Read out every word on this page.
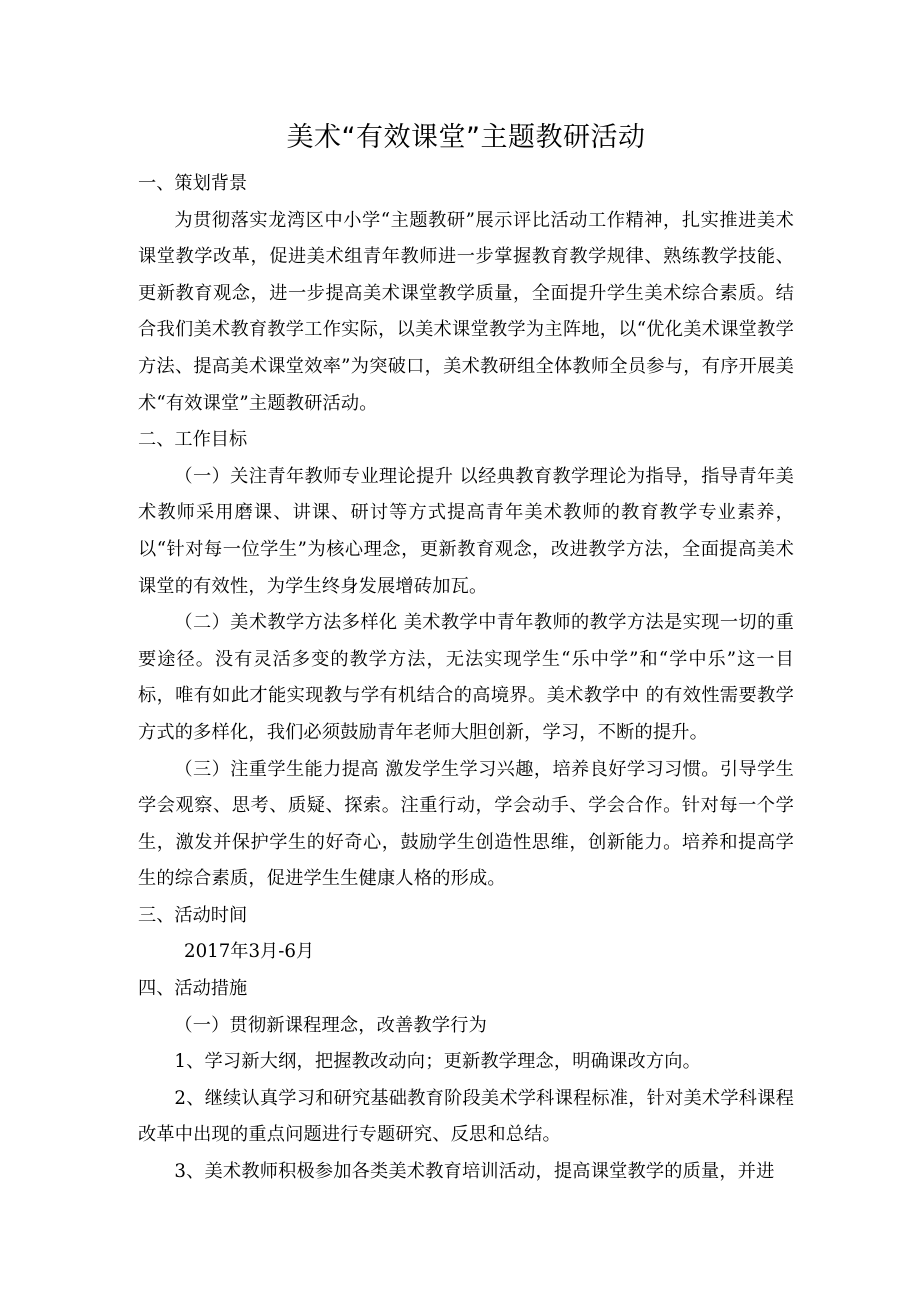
美术“有效课堂”主题教研活动

一、策划背景

为贯彻落实龙湾区中小学“主题教研”展示评比活动工作精神，扎实推进美术课堂教学改革，促进美术组青年教师进一步掌握教育教学规律、熟练教学技能、更新教育观念，进一步提高美术课堂教学质量，全面提升学生美术综合素质。结合我们美术教育教学工作实际，以美术课堂教学为主阵地，以“优化美术课堂教学方法、提高美术课堂效率”为突破口，美术教研组全体教师全员参与，有序开展美术“有效课堂”主题教研活动。

二、工作目标

（一）关注青年教师专业理论提升 以经典教育教学理论为指导，指导青年美术教师采用磨课、讲课、研讨等方式提高青年美术教师的教育教学专业素养，以“针对每一位学生”为核心理念，更新教育观念，改进教学方法，全面提高美术课堂的有效性，为学生终身发展增砖加瓦。

（二）美术教学方法多样化 美术教学中青年教师的教学方法是实现一切的重要途径。没有灵活多变的教学方法，无法实现学生“乐中学”和“学中乐”这一目标，唯有如此才能实现教与学有机结合的高境界。美术教学中 的有效性需要教学方式的多样化，我们必须鼓励青年老师大胆创新，学习，不断的提升。

（三）注重学生能力提高 激发学生学习兴趣，培养良好学习习惯。引导学生学会观察、思考、质疑、探索。注重行动，学会动手、学会合作。针对每一个学生，激发并保护学生的好奇心，鼓励学生创造性思维，创新能力。培养和提高学生的综合素质，促进学生生健康人格的形成。

三、活动时间

2017年3月-6月

四、活动措施

（一）贯彻新课程理念，改善教学行为

1、学习新大纲，把握教改动向；更新教学理念，明确课改方向。

2、继续认真学习和研究基础教育阶段美术学科课程标准，针对美术学科课程改革中出现的重点问题进行专题研究、反思和总结。

3、美术教师积极参加各类美术教育培训活动，提高课堂教学的质量，并进
